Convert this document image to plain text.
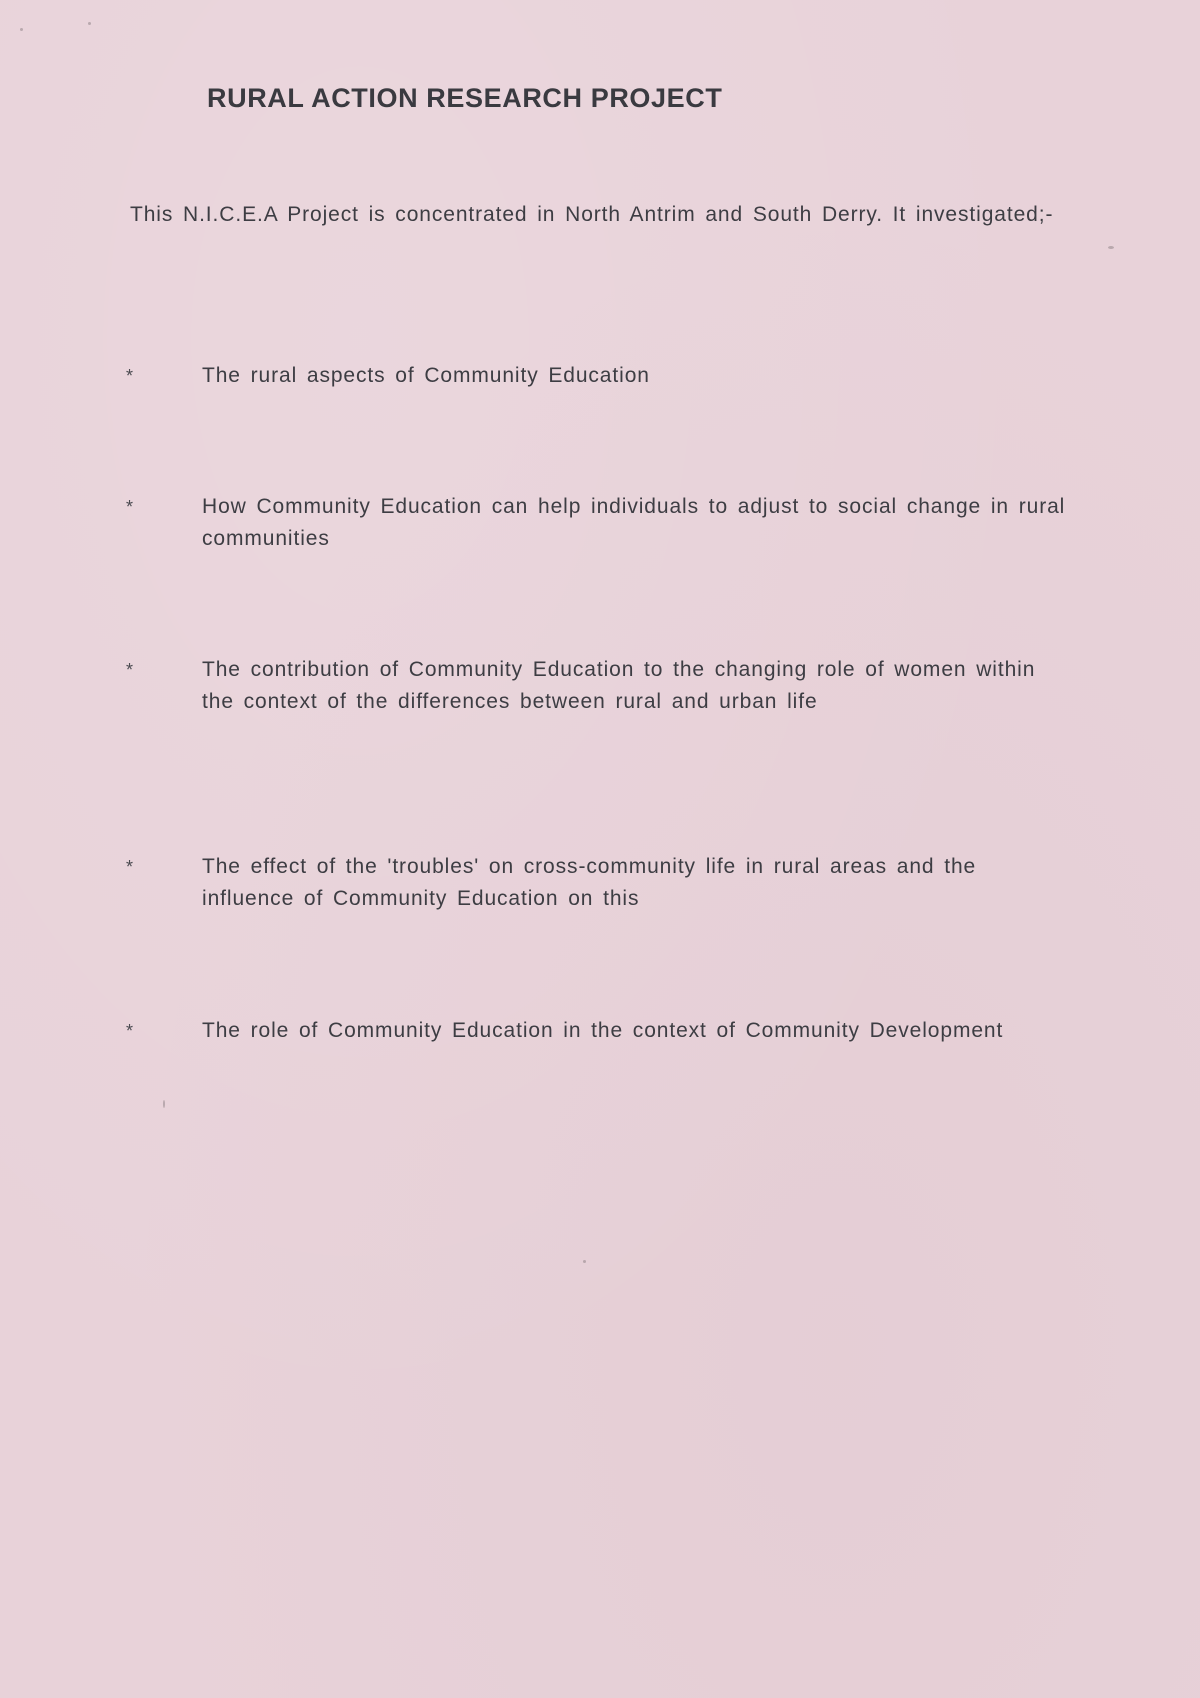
RURAL ACTION RESEARCH PROJECT
This N.I.C.E.A Project is concentrated in North Antrim and South Derry. It investigated;-
*	The rural aspects of Community Education
*	How Community Education can help individuals to adjust to social change in rural communities
*	The contribution of Community Education to the changing role of women within the context of the differences between rural and urban life
*	The effect of the 'troubles' on cross-community life in rural areas and the influence of Community Education on this
*	The role of Community Education in the context of Community Development
